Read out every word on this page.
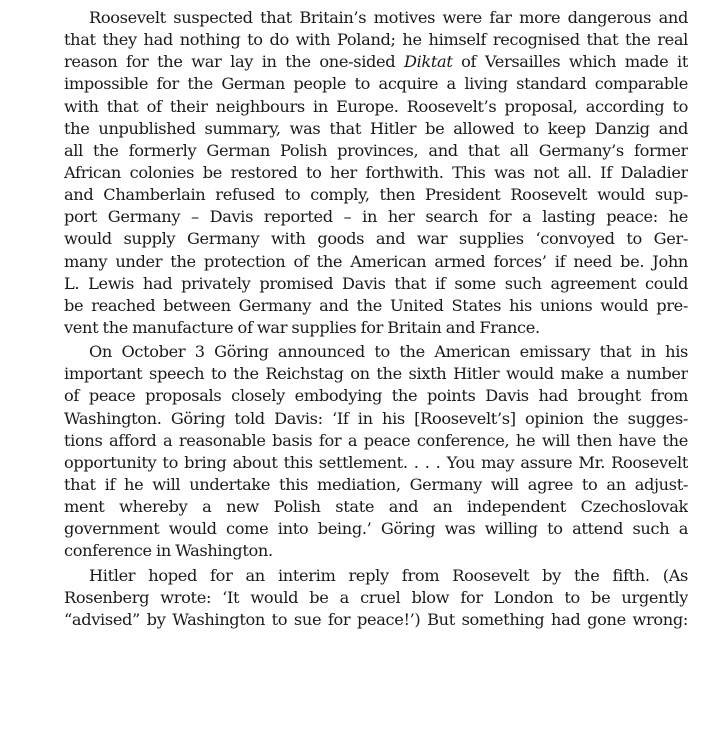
Roosevelt suspected that Britain’s motives were far more dangerous and
that they had nothing to do with Poland; he himself recognised that the real
reason for the war lay in the one-sided Diktat of Versailles which made it
impossible for the German people to acquire a living standard comparable
with that of their neighbours in Europe. Roosevelt’s proposal, according to
the unpublished summary, was that Hitler be allowed to keep Danzig and
all the formerly German Polish provinces, and that all Germany’s former
African colonies be restored to her forthwith. This was not all. If Daladier
and Chamberlain refused to comply, then President Roosevelt would sup-
port Germany – Davis reported – in her search for a lasting peace: he
would supply Germany with goods and war supplies ‘convoyed to Ger-
many under the protection of the American armed forces’ if need be. John
L. Lewis had privately promised Davis that if some such agreement could
be reached between Germany and the United States his unions would pre-
vent the manufacture of war supplies for Britain and France.
On October 3 Göring announced to the American emissary that in his
important speech to the Reichstag on the sixth Hitler would make a number
of peace proposals closely embodying the points Davis had brought from
Washington. Göring told Davis: ‘If in his [Roosevelt’s] opinion the sugges-
tions afford a reasonable basis for a peace conference, he will then have the
opportunity to bring about this settlement. . . . You may assure Mr. Roosevelt
that if he will undertake this mediation, Germany will agree to an adjust-
ment whereby a new Polish state and an independent Czechoslovak
government would come into being.’ Göring was willing to attend such a
conference in Washington.
Hitler hoped for an interim reply from Roosevelt by the fifth. (As
Rosenberg wrote: ‘It would be a cruel blow for London to be urgently
“advised” by Washington to sue for peace!’) But something had gone wrong:
